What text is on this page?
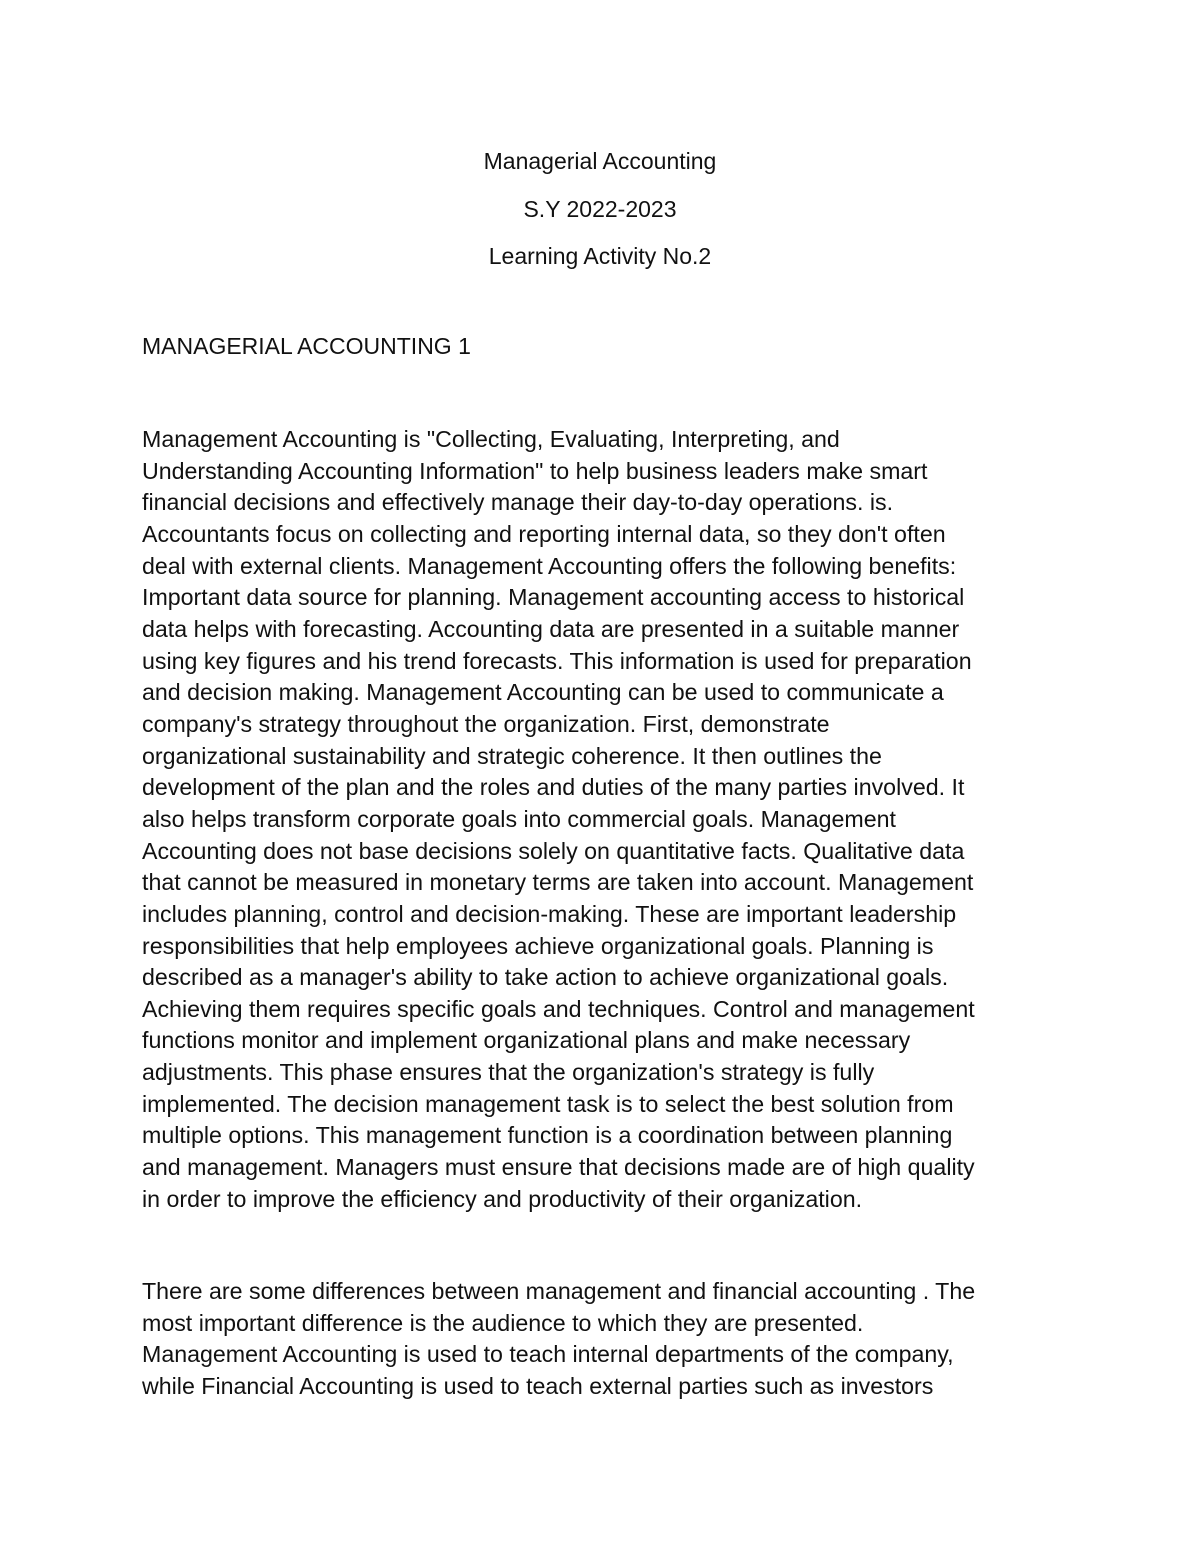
Managerial Accounting

S.Y 2022-2023

Learning Activity No.2

MANAGERIAL ACCOUNTING 1

Management Accounting is "Collecting, Evaluating, Interpreting, and
Understanding Accounting Information" to help business leaders make smart
financial decisions and effectively manage their day-to-day operations. is.
Accountants focus on collecting and reporting internal data, so they don't often
deal with external clients. Management Accounting offers the following benefits:
Important data source for planning. Management accounting access to historical
data helps with forecasting. Accounting data are presented in a suitable manner
using key figures and his trend forecasts. This information is used for preparation
and decision making. Management Accounting can be used to communicate a
company's strategy throughout the organization. First, demonstrate
organizational sustainability and strategic coherence. It then outlines the
development of the plan and the roles and duties of the many parties involved. It
also helps transform corporate goals into commercial goals. Management
Accounting does not base decisions solely on quantitative facts. Qualitative data
that cannot be measured in monetary terms are taken into account. Management
includes planning, control and decision-making. These are important leadership
responsibilities that help employees achieve organizational goals. Planning is
described as a manager's ability to take action to achieve organizational goals.
Achieving them requires specific goals and techniques. Control and management
functions monitor and implement organizational plans and make necessary
adjustments. This phase ensures that the organization's strategy is fully
implemented. The decision management task is to select the best solution from
multiple options. This management function is a coordination between planning
and management. Managers must ensure that decisions made are of high quality
in order to improve the efficiency and productivity of their organization.

There are some differences between management and financial accounting . The
most important difference is the audience to which they are presented.
Management Accounting is used to teach internal departments of the company,
while Financial Accounting is used to teach external parties such as investors
